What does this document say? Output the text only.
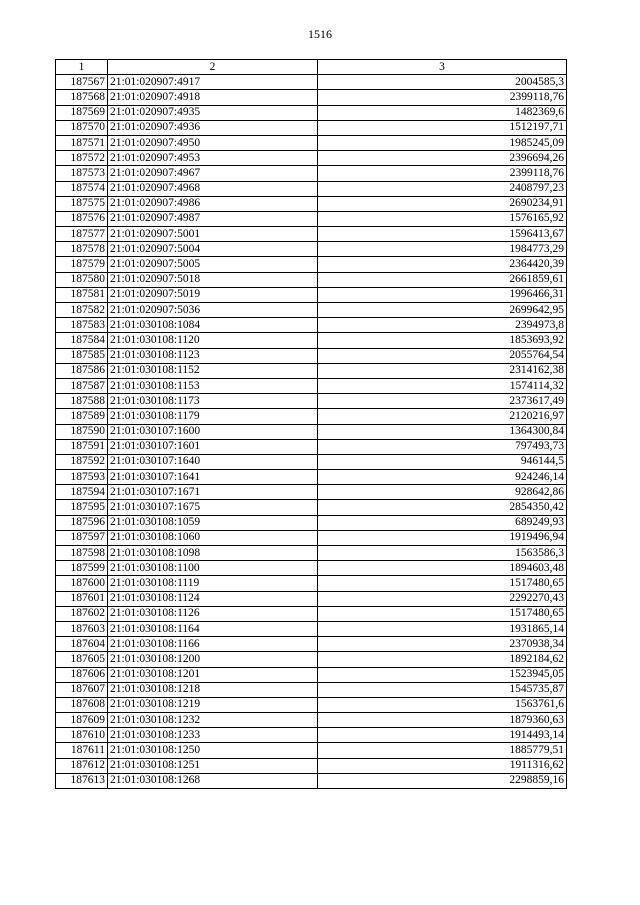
1516
1	2	3
187567	21:01:020907:4917	2004585,3
187568	21:01:020907:4918	2399118,76
187569	21:01:020907:4935	1482369,6
187570	21:01:020907:4936	1512197,71
187571	21:01:020907:4950	1985245,09
187572	21:01:020907:4953	2396694,26
187573	21:01:020907:4967	2399118,76
187574	21:01:020907:4968	2408797,23
187575	21:01:020907:4986	2690234,91
187576	21:01:020907:4987	1576165,92
187577	21:01:020907:5001	1596413,67
187578	21:01:020907:5004	1984773,29
187579	21:01:020907:5005	2364420,39
187580	21:01:020907:5018	2661859,61
187581	21:01:020907:5019	1996466,31
187582	21:01:020907:5036	2699642,95
187583	21:01:030108:1084	2394973,8
187584	21:01:030108:1120	1853693,92
187585	21:01:030108:1123	2055764,54
187586	21:01:030108:1152	2314162,38
187587	21:01:030108:1153	1574114,32
187588	21:01:030108:1173	2373617,49
187589	21:01:030108:1179	2120216,97
187590	21:01:030107:1600	1364300,84
187591	21:01:030107:1601	797493,73
187592	21:01:030107:1640	946144,5
187593	21:01:030107:1641	924246,14
187594	21:01:030107:1671	928642,86
187595	21:01:030107:1675	2854350,42
187596	21:01:030108:1059	689249,93
187597	21:01:030108:1060	1919496,94
187598	21:01:030108:1098	1563586,3
187599	21:01:030108:1100	1894603,48
187600	21:01:030108:1119	1517480,65
187601	21:01:030108:1124	2292270,43
187602	21:01:030108:1126	1517480,65
187603	21:01:030108:1164	1931865,14
187604	21:01:030108:1166	2370938,34
187605	21:01:030108:1200	1892184,62
187606	21:01:030108:1201	1523945,05
187607	21:01:030108:1218	1545735,87
187608	21:01:030108:1219	1563761,6
187609	21:01:030108:1232	1879360,63
187610	21:01:030108:1233	1914493,14
187611	21:01:030108:1250	1885779,51
187612	21:01:030108:1251	1911316,62
187613	21:01:030108:1268	2298859,16
